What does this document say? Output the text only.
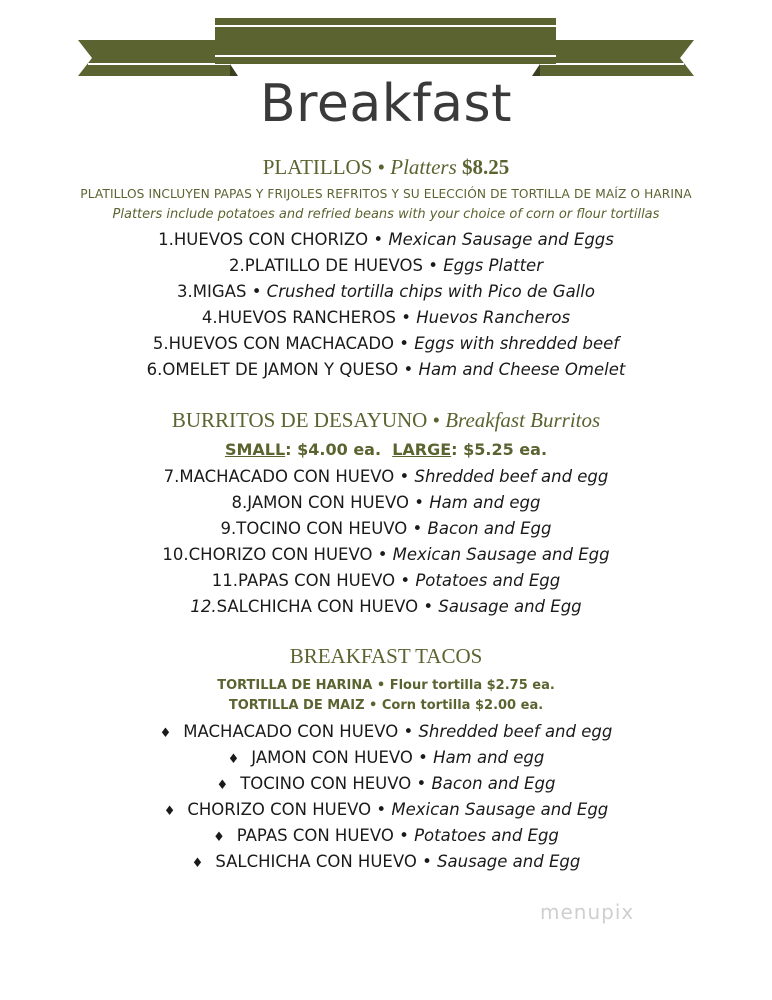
Breakfast
PLATILLOS • Platters $8.25
PLATILLOS INCLUYEN PAPAS Y FRIJOLES REFRITOS Y SU ELECCIÓN DE TORTILLA DE MAÍZ O HARINA
Platters include potatoes and refried beans with your choice of corn or flour tortillas
1.HUEVOS CON CHORIZO • Mexican Sausage and Eggs
2.PLATILLO DE HUEVOS • Eggs Platter
3.MIGAS • Crushed tortilla chips with Pico de Gallo
4.HUEVOS RANCHEROS • Huevos Rancheros
5.HUEVOS CON MACHACADO • Eggs with shredded beef
6.OMELET DE JAMON Y QUESO • Ham and Cheese Omelet
BURRITOS DE DESAYUNO • Breakfast Burritos
SMALL: $4.00 ea. LARGE: $5.25 ea.
7.MACHACADO CON HUEVO • Shredded beef and egg
8.JAMON CON HUEVO • Ham and egg
9.TOCINO CON HEUVO • Bacon and Egg
10.CHORIZO CON HUEVO • Mexican Sausage and Egg
11.PAPAS CON HUEVO • Potatoes and Egg
12.SALCHICHA CON HUEVO • Sausage and Egg
BREAKFAST TACOS
TORTILLA DE HARINA • Flour tortilla $2.75 ea.
TORTILLA DE MAIZ • Corn tortilla $2.00 ea.
♦ MACHACADO CON HUEVO • Shredded beef and egg
♦ JAMON CON HUEVO • Ham and egg
♦ TOCINO CON HEUVO • Bacon and Egg
♦ CHORIZO CON HUEVO • Mexican Sausage and Egg
♦ PAPAS CON HUEVO • Potatoes and Egg
♦ SALCHICHA CON HUEVO • Sausage and Egg
menupix
